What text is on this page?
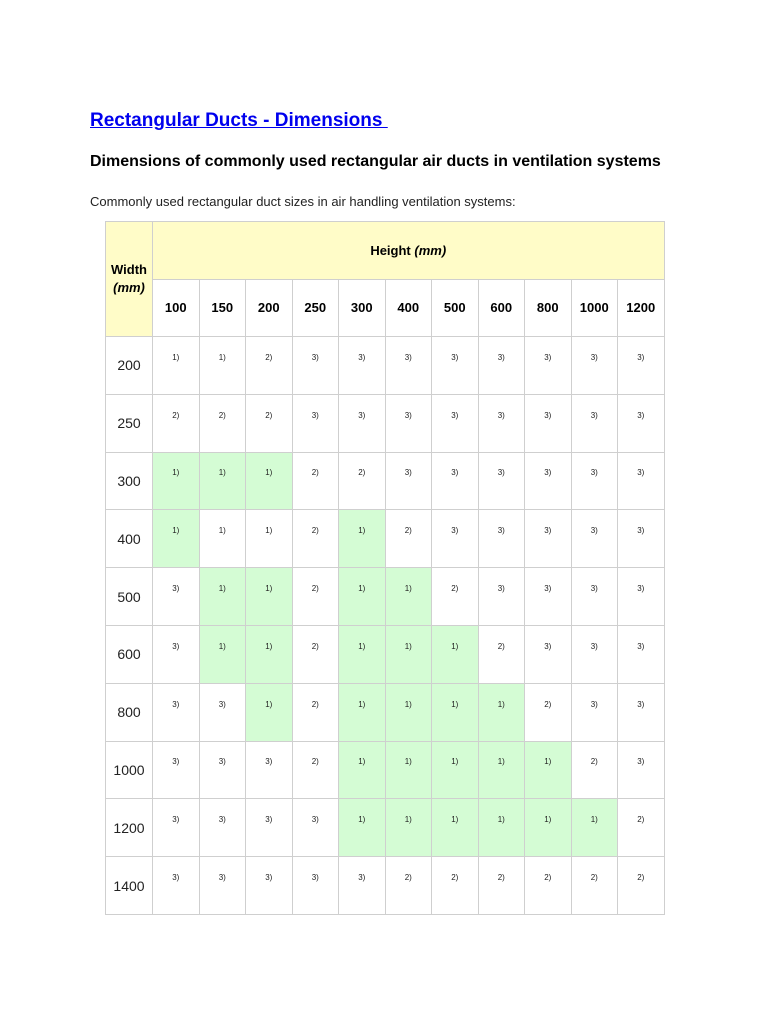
Rectangular Ducts - Dimensions
Dimensions of commonly used rectangular air ducts in ventilation systems
Commonly used rectangular duct sizes in air handling ventilation systems:
Width
(mm)	Height (mm)										
	100	150	200	250	300	400	500	600	800	1000	1200
200	1)	1)	2)	3)	3)	3)	3)	3)	3)	3)	3)
250	2)	2)	2)	3)	3)	3)	3)	3)	3)	3)	3)
300	1)	1)	1)	2)	2)	3)	3)	3)	3)	3)	3)
400	1)	1)	1)	2)	1)	2)	3)	3)	3)	3)	3)
500	3)	1)	1)	2)	1)	1)	2)	3)	3)	3)	3)
600	3)	1)	1)	2)	1)	1)	1)	2)	3)	3)	3)
800	3)	3)	1)	2)	1)	1)	1)	1)	2)	3)	3)
1000	3)	3)	3)	2)	1)	1)	1)	1)	1)	2)	3)
1200	3)	3)	3)	3)	1)	1)	1)	1)	1)	1)	2)
1400	3)	3)	3)	3)	3)	2)	2)	2)	2)	2)	2)
